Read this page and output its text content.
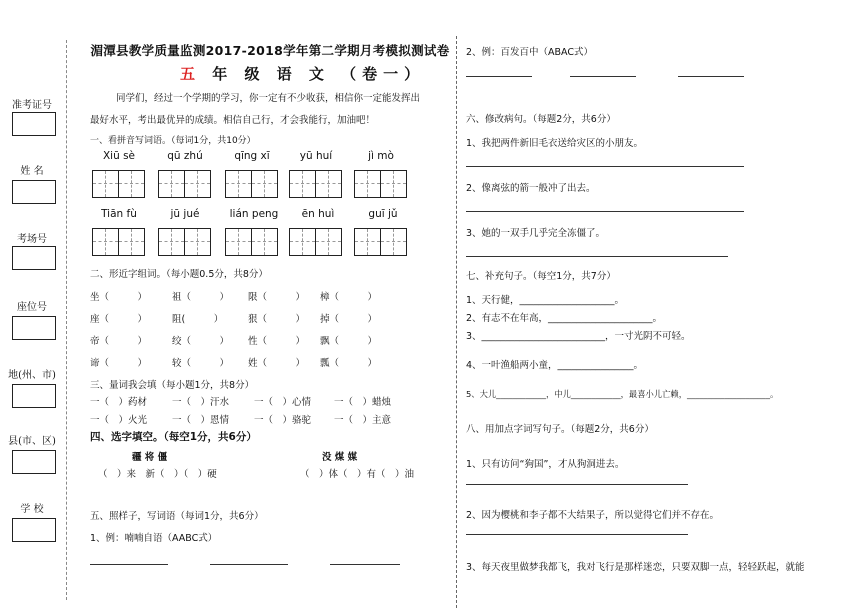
准考证号
姓 名
考场号
座位号
地(州、市)
县(市、区)
学 校
湄潭县教学质量监测2017-2018学年第二学期月考模拟测试卷
五 年 级 语 文 （卷一）
同学们，经过一个学期的学习，你一定有不少收获，相信你一定能发挥出
最好水平，考出最优异的成绩。相信自己行，才会我能行，加油吧！
一、看拼音写词语。（每词1分，共10分）
Xiū sè	qū zhú	qīng xī	yū huí	jì mò
Tiān fù	jū jué	lián peng	ēn huì	guī jǔ
二、形近字组词。（每小题0.5分，共8分）
坐（　　　）	祖（　　　） 限（　　　） 樟（　　　）
座（　　　）	阻(　　　）	狠（　　　） 掉（　　　）
帝（　　　）	绞（　　　） 性（　　　） 飘（　　　）
谛（　　　）	较（　　　） 姓（　　　） 瓢（　　　）
三、量词我会填（每小题1分，共8分）
一（　）药材	一（　）汗水	一（　）心情 一（　）蜡烛
一（　）火光	一（　）恩情	一（　）骆驼 一（　）主意
四、选字填空。（每空1分，共6分）
疆 将 僵	没 煤 媒
（　）来　新（　）（　）硬	（　）体（　）有（　）油
五、照样子，写词语（每词1分，共6分）
1、例：喃喃自语（AABC式）
2、例：百发百中（ABAC式）
六、修改病句。（每题2分，共6分）
1、我把两件新旧毛衣送给灾区的小朋友。
2、像离弦的箭一般冲了出去。
3、她的一双手几乎完全冻僵了。
七、补充句子。（每空1分，共7分）
1、天行健，____________________。
2、有志不在年高，______________________。
3、__________________________，一寸光阴不可轻。
4、一叶渔船两小童，________________。
5、大儿____________，中儿____________，最喜小儿亡赖，____________________。
八、用加点字词写句子。（每题2分，共6分）
1、只有访问“狗国”，才从狗洞进去。
2、因为樱桃和李子都不大结果子，所以觉得它们并不存在。
3、每天夜里做梦我都飞，我对飞行是那样迷恋，只要双脚一点，轻轻跃起，就能
